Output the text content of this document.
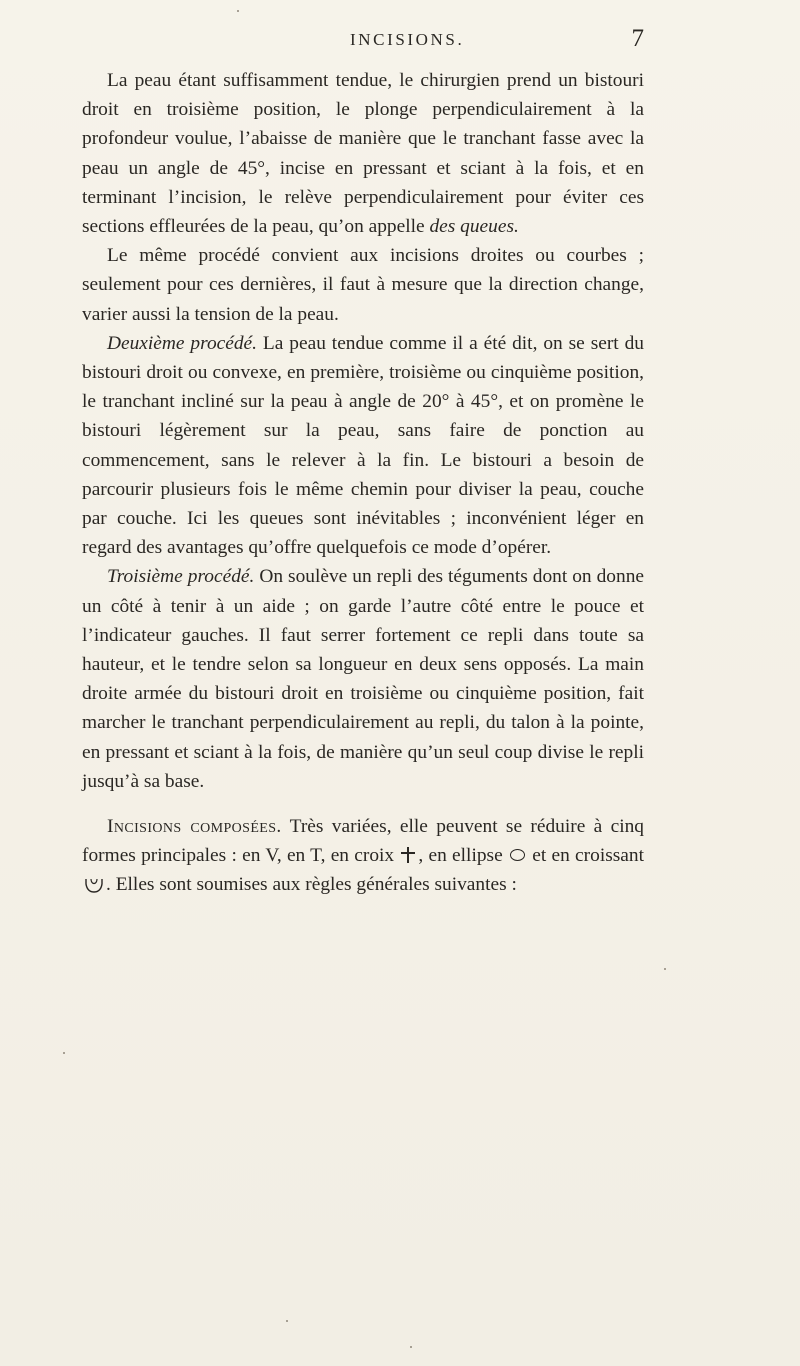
INCISIONS.	7

La peau étant suffisamment tendue, le chirurgien prend un bistouri droit en troisième position, le plonge perpendiculairement à la profondeur voulue, l’abaisse de manière que le tranchant fasse avec la peau un angle de 45°, incise en pressant et sciant à la fois, et en terminant l’incision, le relève perpendiculairement pour éviter ces sections effleurées de la peau, qu’on appelle des queues.

Le même procédé convient aux incisions droites ou courbes ; seulement pour ces dernières, il faut à mesure que la direction change, varier aussi la tension de la peau.

Deuxième procédé. La peau tendue comme il a été dit, on se sert du bistouri droit ou convexe, en première, troisième ou cinquième position, le tranchant incliné sur la peau à angle de 20° à 45°, et on promène le bistouri légèrement sur la peau, sans faire de ponction au commencement, sans le relever à la fin. Le bistouri a besoin de parcourir plusieurs fois le même chemin pour diviser la peau, couche par couche. Ici les queues sont inévitables ; inconvénient léger en regard des avantages qu’offre quelquefois ce mode d’opérer.

Troisième procédé. On soulève un repli des téguments dont on donne un côté à tenir à un aide ; on garde l’autre côté entre le pouce et l’indicateur gauches. Il faut serrer fortement ce repli dans toute sa hauteur, et le tendre selon sa longueur en deux sens opposés. La main droite armée du bistouri droit en troisième ou cinquième position, fait marcher le tranchant perpendiculairement au repli, du talon à la pointe, en pressant et sciant à la fois, de manière qu’un seul coup divise le repli jusqu’à sa base.

Incisions composées. Très variées, elle peuvent se réduire à cinq formes principales : en V, en T, en croix , en ellipse  et en croissant
. Elles sont soumises aux règles générales suivantes :
